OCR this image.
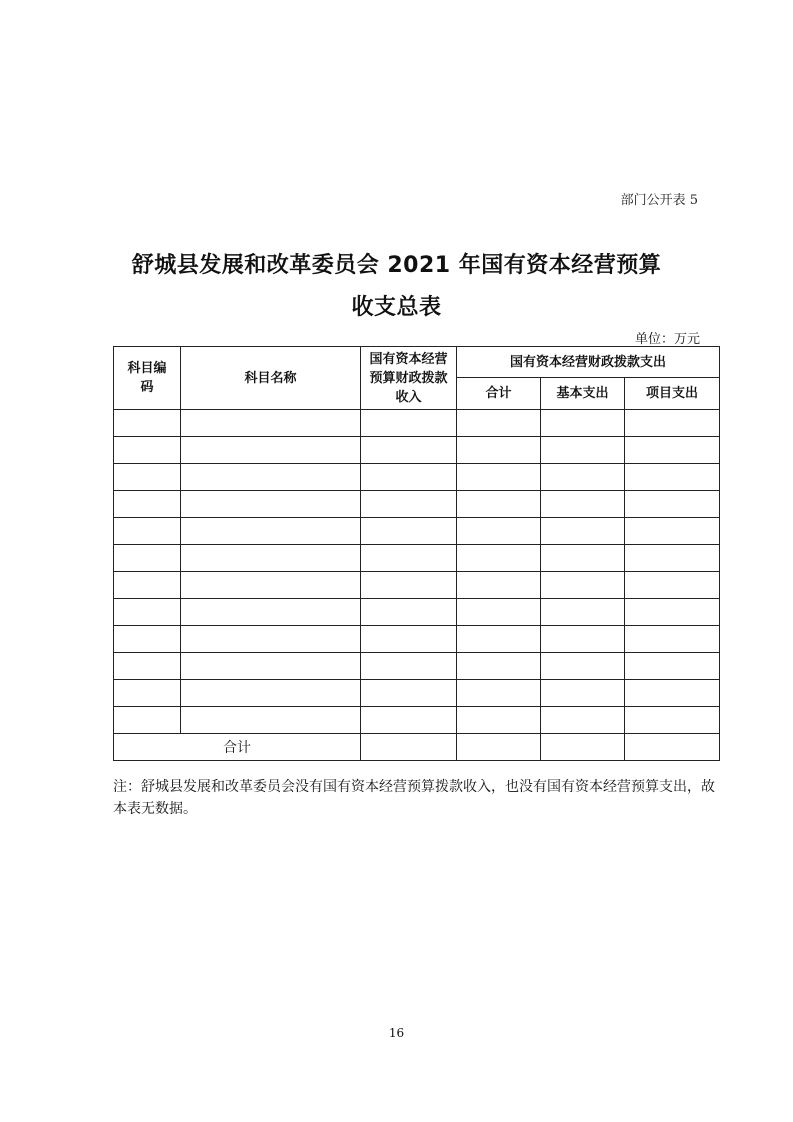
部门公开表 5
舒城县发展和改革委员会 2021 年国有资本经营预算
收支总表
单位：万元
科目编码	科目名称	国有资本经营预算财政拨款收入	国有资本经营财政拨款支出		
			合计	基本支出	项目支出

合计					
注：舒城县发展和改革委员会没有国有资本经营预算拨款收入，也没有国有资本经营预算支出，故本表无数据。
16
